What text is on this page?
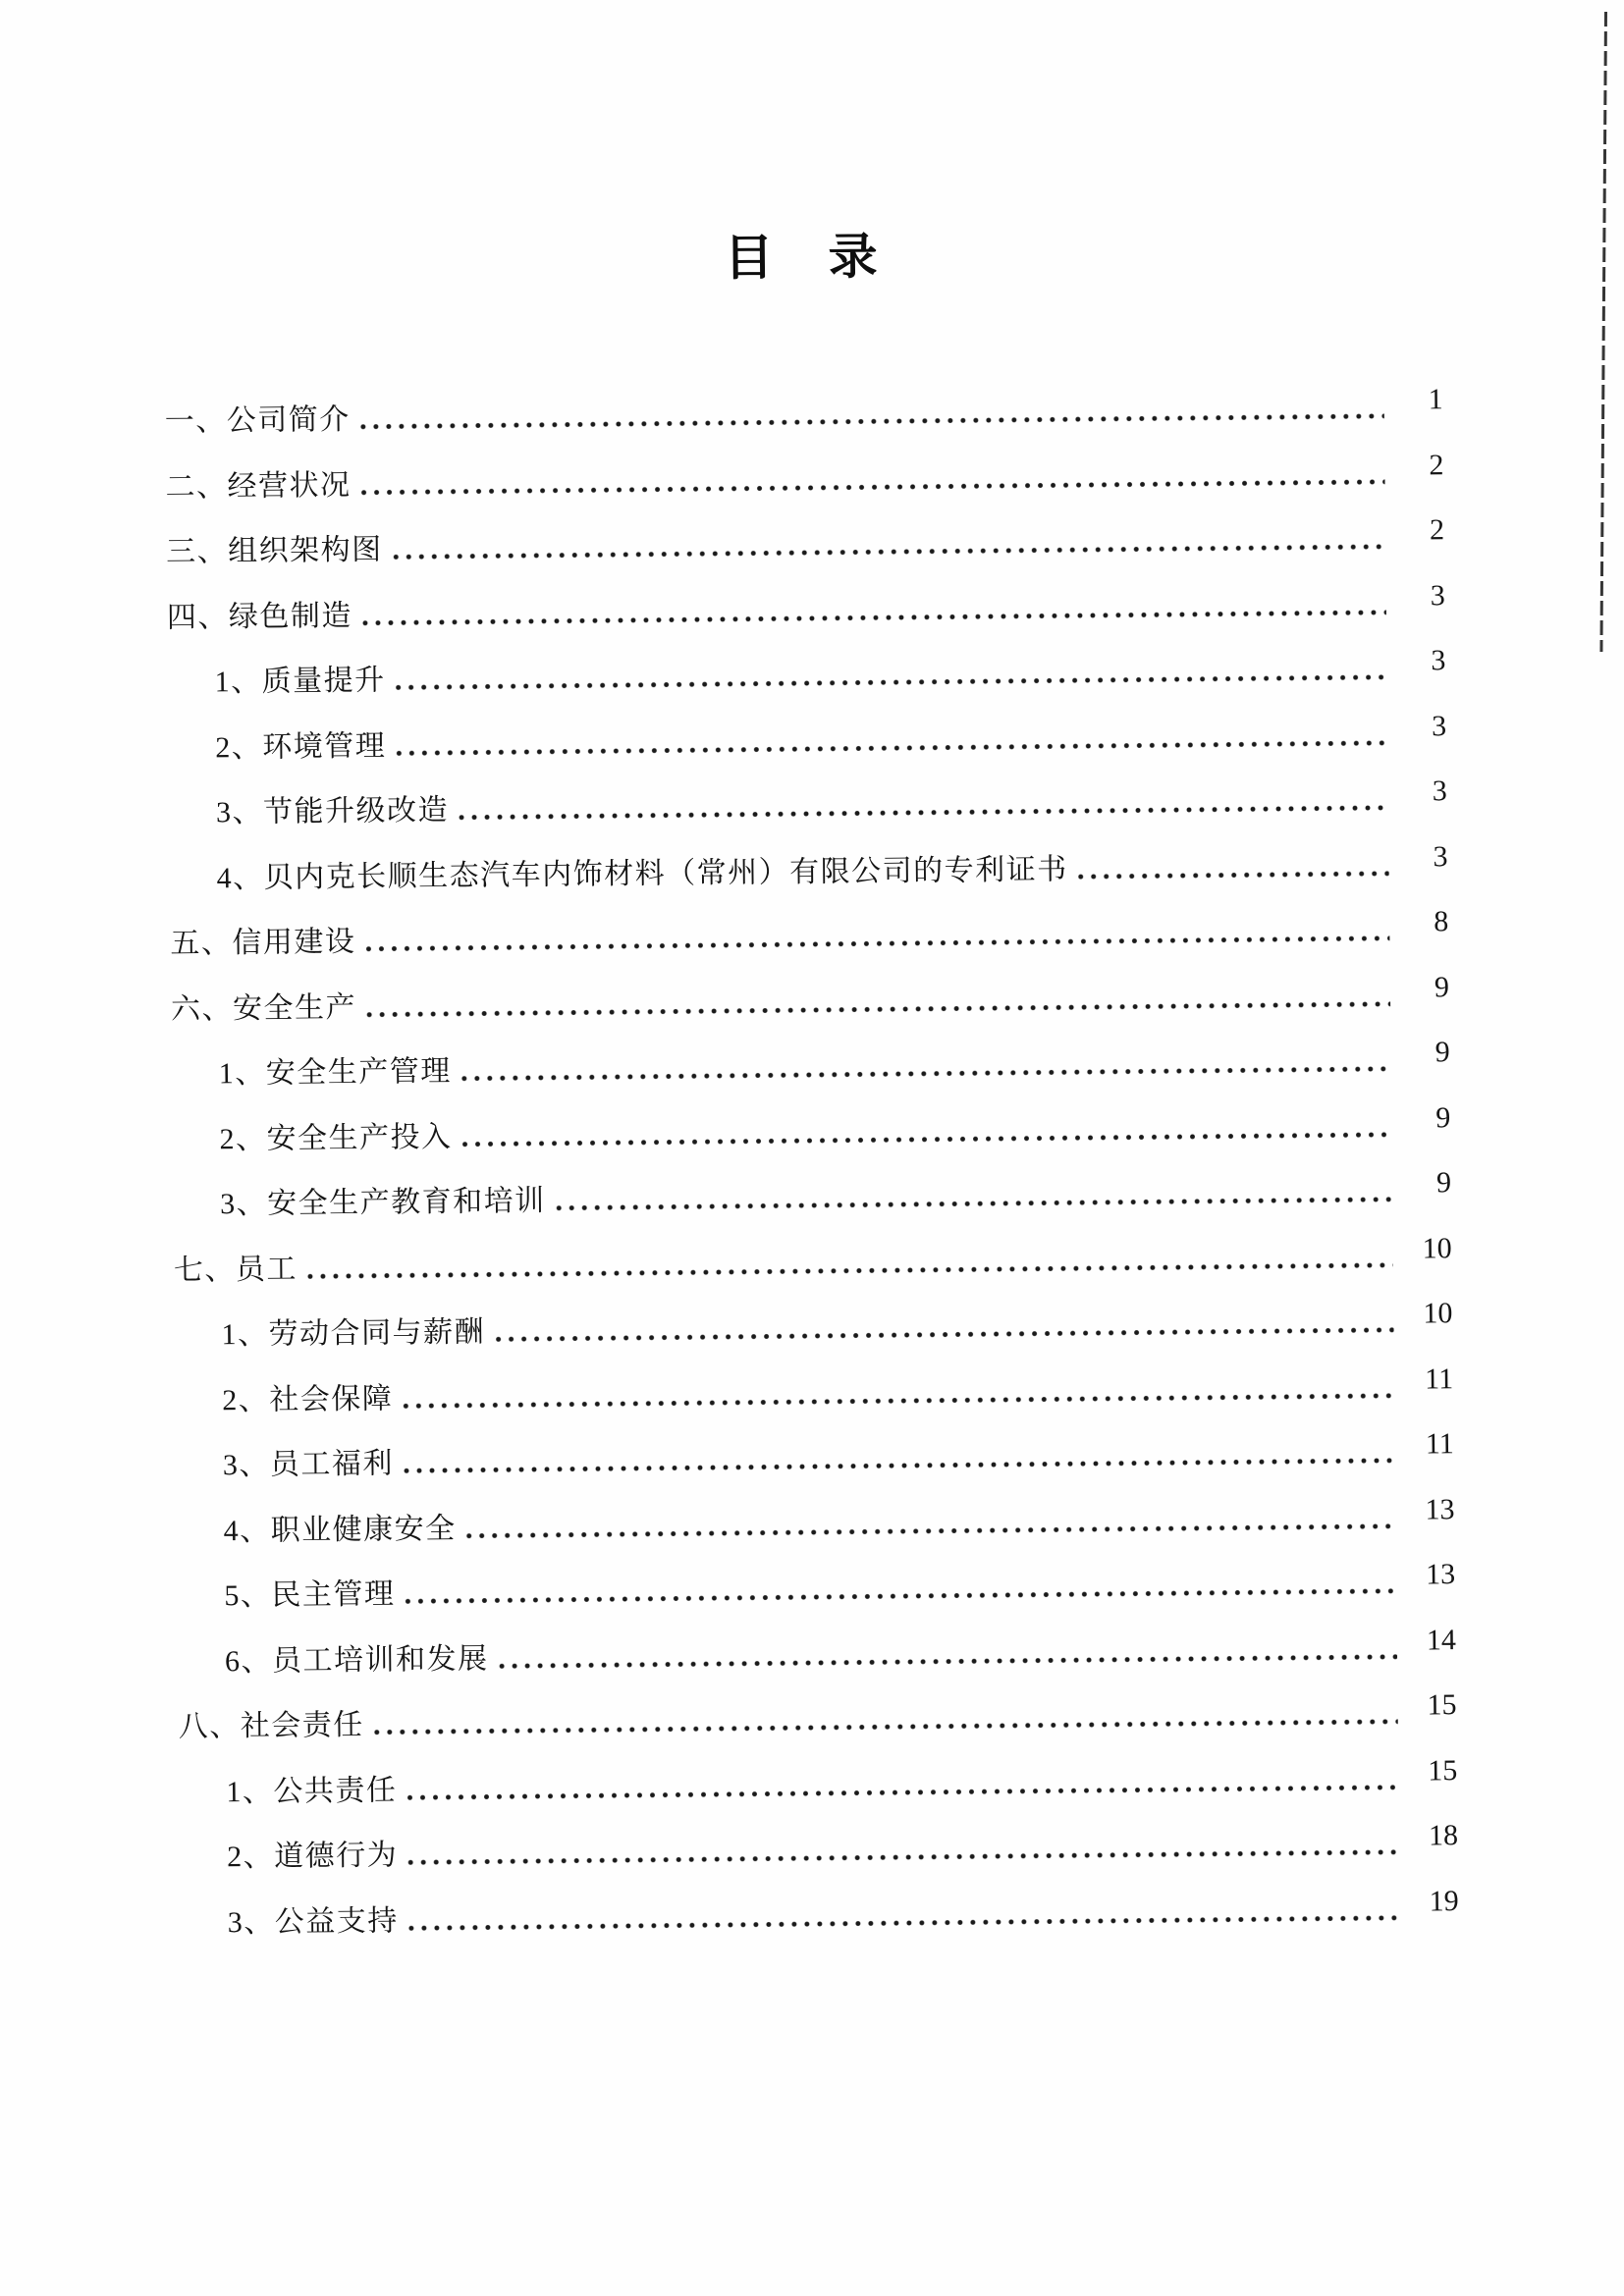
目　录
一、公司简介
1
二、经营状况
2
三、组织架构图
2
四、绿色制造
3
1、质量提升
3
2、环境管理
3
3、节能升级改造
3
4、贝内克长顺生态汽车内饰材料（常州）有限公司的专利证书	3
五、信用建设
8
六、安全生产
9
1、安全生产管理
9
2、安全生产投入
9
3、安全生产教育和培训
9
七、员工
10
1、劳动合同与薪酬
10
2、社会保障
11
3、员工福利
11
4、职业健康安全
13
5、民主管理
13
6、员工培训和发展
14
八、社会责任
15
1、公共责任
15
2、道德行为
18
3、公益支持
19
